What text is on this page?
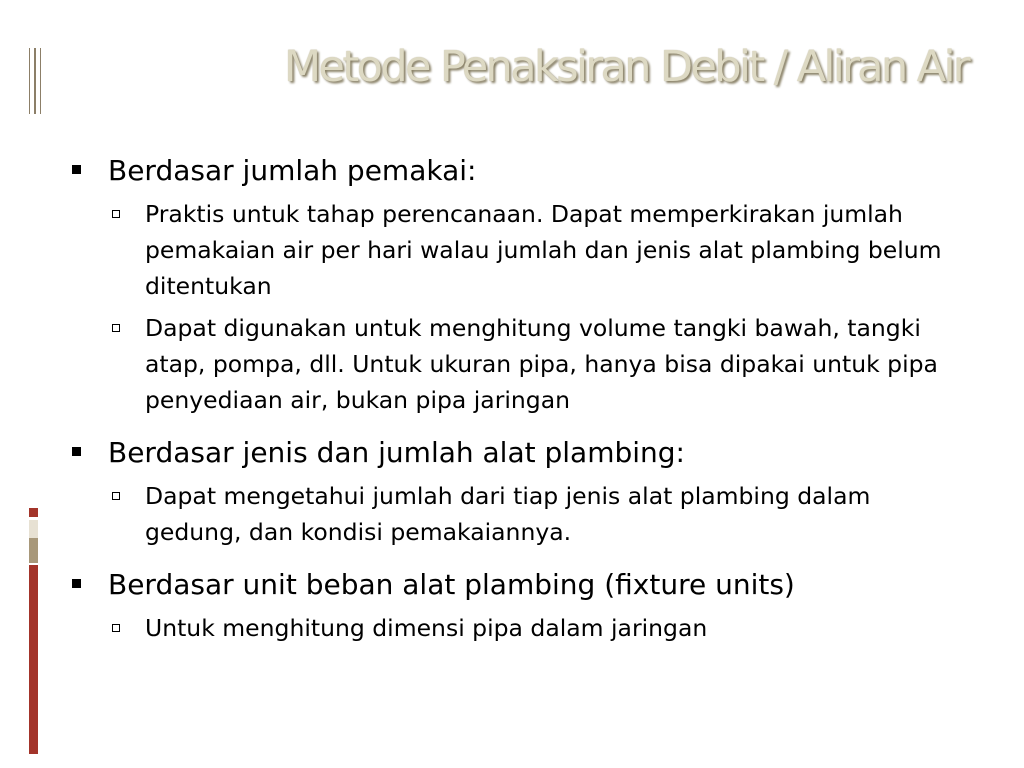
Metode Penaksiran Debit / Aliran Air
Berdasar jumlah pemakai:
Praktis untuk tahap perencanaan. Dapat memperkirakan jumlah pemakaian air per hari walau jumlah dan jenis alat plambing belum ditentukan
Dapat digunakan untuk menghitung volume tangki bawah, tangki atap, pompa, dll. Untuk ukuran pipa, hanya bisa dipakai untuk pipa penyediaan air, bukan pipa jaringan
Berdasar jenis dan jumlah alat plambing:
Dapat mengetahui jumlah dari tiap jenis alat plambing dalam gedung, dan kondisi pemakaiannya.
Berdasar unit beban alat plambing (fixture units)
Untuk menghitung dimensi pipa dalam jaringan
